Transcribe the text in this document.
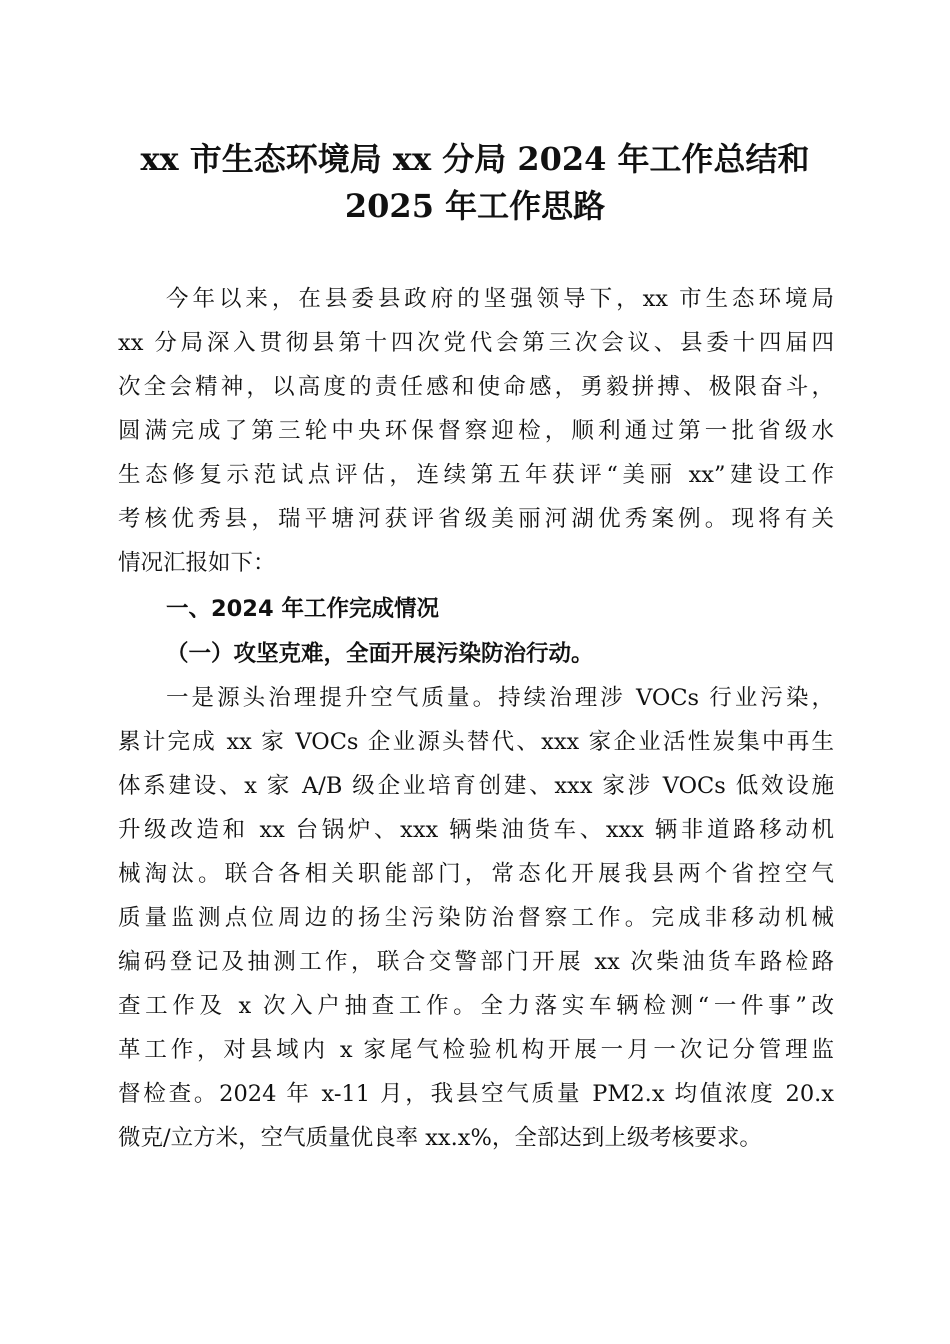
xx 市生态环境局 xx 分局 2024 年工作总结和
2025 年工作思路

今年以来，在县委县政府的坚强领导下，xx 市生态环境局

xx 分局深入贯彻县第十四次党代会第三次会议、县委十四届四

次全会精神，以高度的责任感和使命感，勇毅拼搏、极限奋斗，

圆满完成了第三轮中央环保督察迎检，顺利通过第一批省级水

生态修复示范试点评估，连续第五年获评“美丽 xx”建设工作

考核优秀县，瑞平塘河获评省级美丽河湖优秀案例。现将有关

情况汇报如下：

一、2024 年工作完成情况
（一）攻坚克难，全面开展污染防治行动。

一是源头治理提升空气质量。持续治理涉 VOCs 行业污染，

累计完成 xx 家 VOCs 企业源头替代、xxx 家企业活性炭集中再生

体系建设、x 家 A/B 级企业培育创建、xxx 家涉 VOCs 低效设施

升级改造和 xx 台锅炉、xxx 辆柴油货车、xxx 辆非道路移动机

械淘汰。联合各相关职能部门，常态化开展我县两个省控空气

质量监测点位周边的扬尘污染防治督察工作。完成非移动机械

编码登记及抽测工作，联合交警部门开展 xx 次柴油货车路检路

查工作及 x 次入户抽查工作。全力落实车辆检测“一件事”改

革工作，对县域内 x 家尾气检验机构开展一月一次记分管理监

督检查。2024 年 x-11 月，我县空气质量 PM2.x 均值浓度 20.x

微克/立方米，空气质量优良率 xx.x%，全部达到上级考核要求。
